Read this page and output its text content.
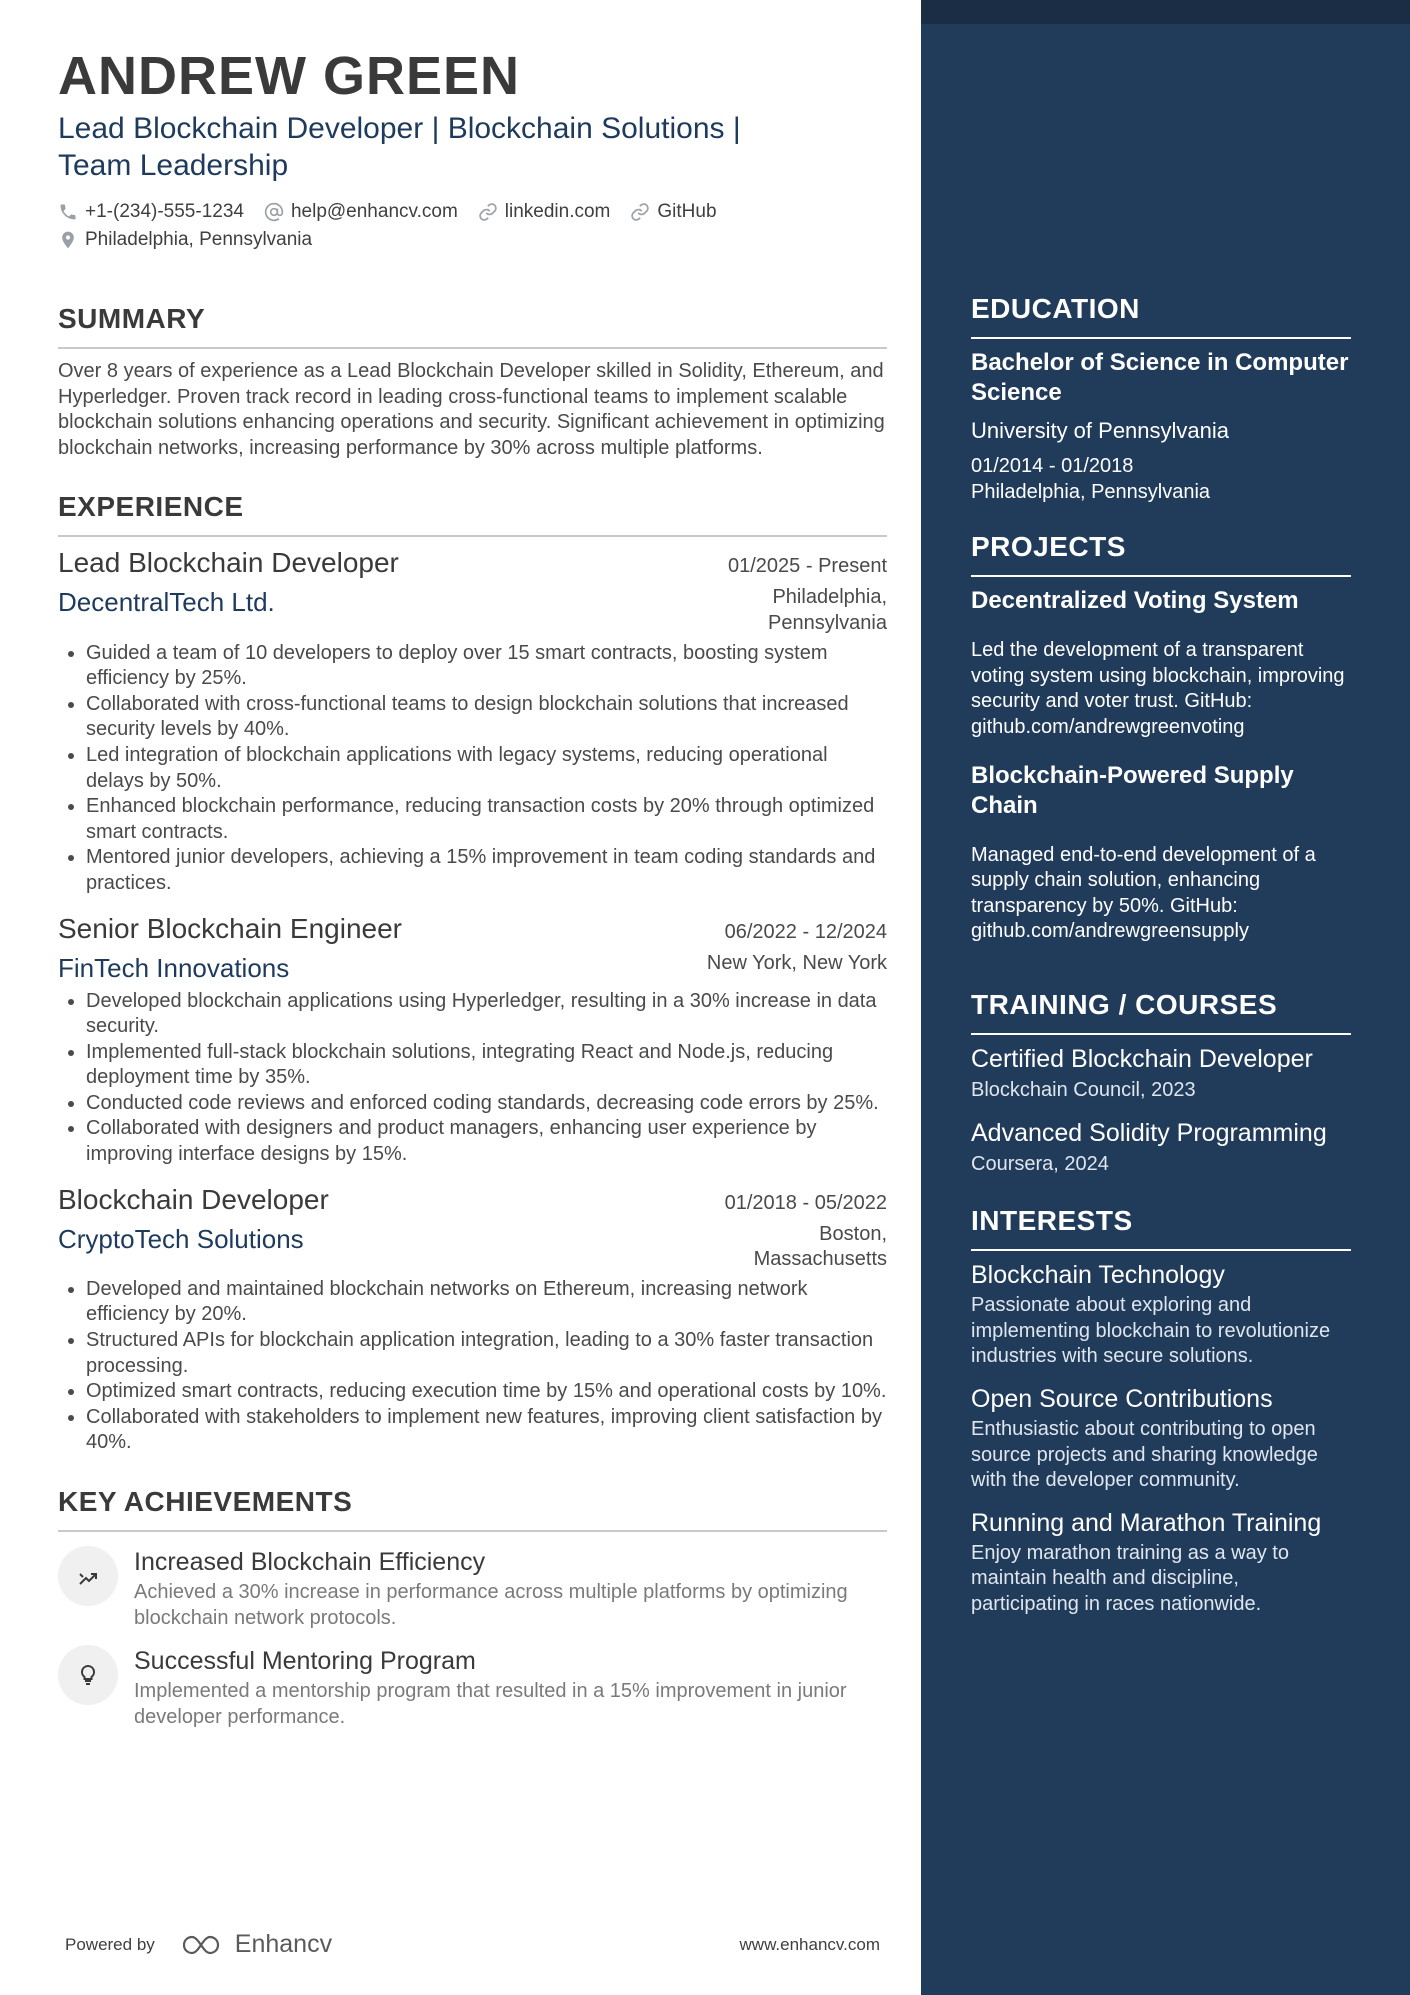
ANDREW GREEN
Lead Blockchain Developer | Blockchain Solutions | Team Leadership
+1-(234)-555-1234 help@enhancv.com linkedin.com GitHub
Philadelphia, Pennsylvania
SUMMARY
Over 8 years of experience as a Lead Blockchain Developer skilled in Solidity, Ethereum, and Hyperledger. Proven track record in leading cross-functional teams to implement scalable blockchain solutions enhancing operations and security. Significant achievement in optimizing blockchain networks, increasing performance by 30% across multiple platforms.
EXPERIENCE
Lead Blockchain Developer	01/2025 - Present
DecentralTech Ltd.	Philadelphia, Pennsylvania
• Guided a team of 10 developers to deploy over 15 smart contracts, boosting system efficiency by 25%.
• Collaborated with cross-functional teams to design blockchain solutions that increased security levels by 40%.
• Led integration of blockchain applications with legacy systems, reducing operational delays by 50%.
• Enhanced blockchain performance, reducing transaction costs by 20% through optimized smart contracts.
• Mentored junior developers, achieving a 15% improvement in team coding standards and practices.
Senior Blockchain Engineer	06/2022 - 12/2024
FinTech Innovations	New York, New York
• Developed blockchain applications using Hyperledger, resulting in a 30% increase in data security.
• Implemented full-stack blockchain solutions, integrating React and Node.js, reducing deployment time by 35%.
• Conducted code reviews and enforced coding standards, decreasing code errors by 25%.
• Collaborated with designers and product managers, enhancing user experience by improving interface designs by 15%.
Blockchain Developer	01/2018 - 05/2022
CryptoTech Solutions	Boston, Massachusetts
• Developed and maintained blockchain networks on Ethereum, increasing network efficiency by 20%.
• Structured APIs for blockchain application integration, leading to a 30% faster transaction processing.
• Optimized smart contracts, reducing execution time by 15% and operational costs by 10%.
• Collaborated with stakeholders to implement new features, improving client satisfaction by 40%.
KEY ACHIEVEMENTS
Increased Blockchain Efficiency
Achieved a 30% increase in performance across multiple platforms by optimizing blockchain network protocols.
Successful Mentoring Program
Implemented a mentorship program that resulted in a 15% improvement in junior developer performance.
Powered by	Enhancv	www.enhancv.com
EDUCATION
Bachelor of Science in Computer Science
University of Pennsylvania
01/2014 - 01/2018
Philadelphia, Pennsylvania
PROJECTS
Decentralized Voting System
Led the development of a transparent voting system using blockchain, improving security and voter trust. GitHub: github.com/andrewgreenvoting
Blockchain-Powered Supply Chain
Managed end-to-end development of a supply chain solution, enhancing transparency by 50%. GitHub: github.com/andrewgreensupply
TRAINING / COURSES
Certified Blockchain Developer
Blockchain Council, 2023
Advanced Solidity Programming
Coursera, 2024
INTERESTS
Blockchain Technology
Passionate about exploring and implementing blockchain to revolutionize industries with secure solutions.
Open Source Contributions
Enthusiastic about contributing to open source projects and sharing knowledge with the developer community.
Running and Marathon Training
Enjoy marathon training as a way to maintain health and discipline, participating in races nationwide.
